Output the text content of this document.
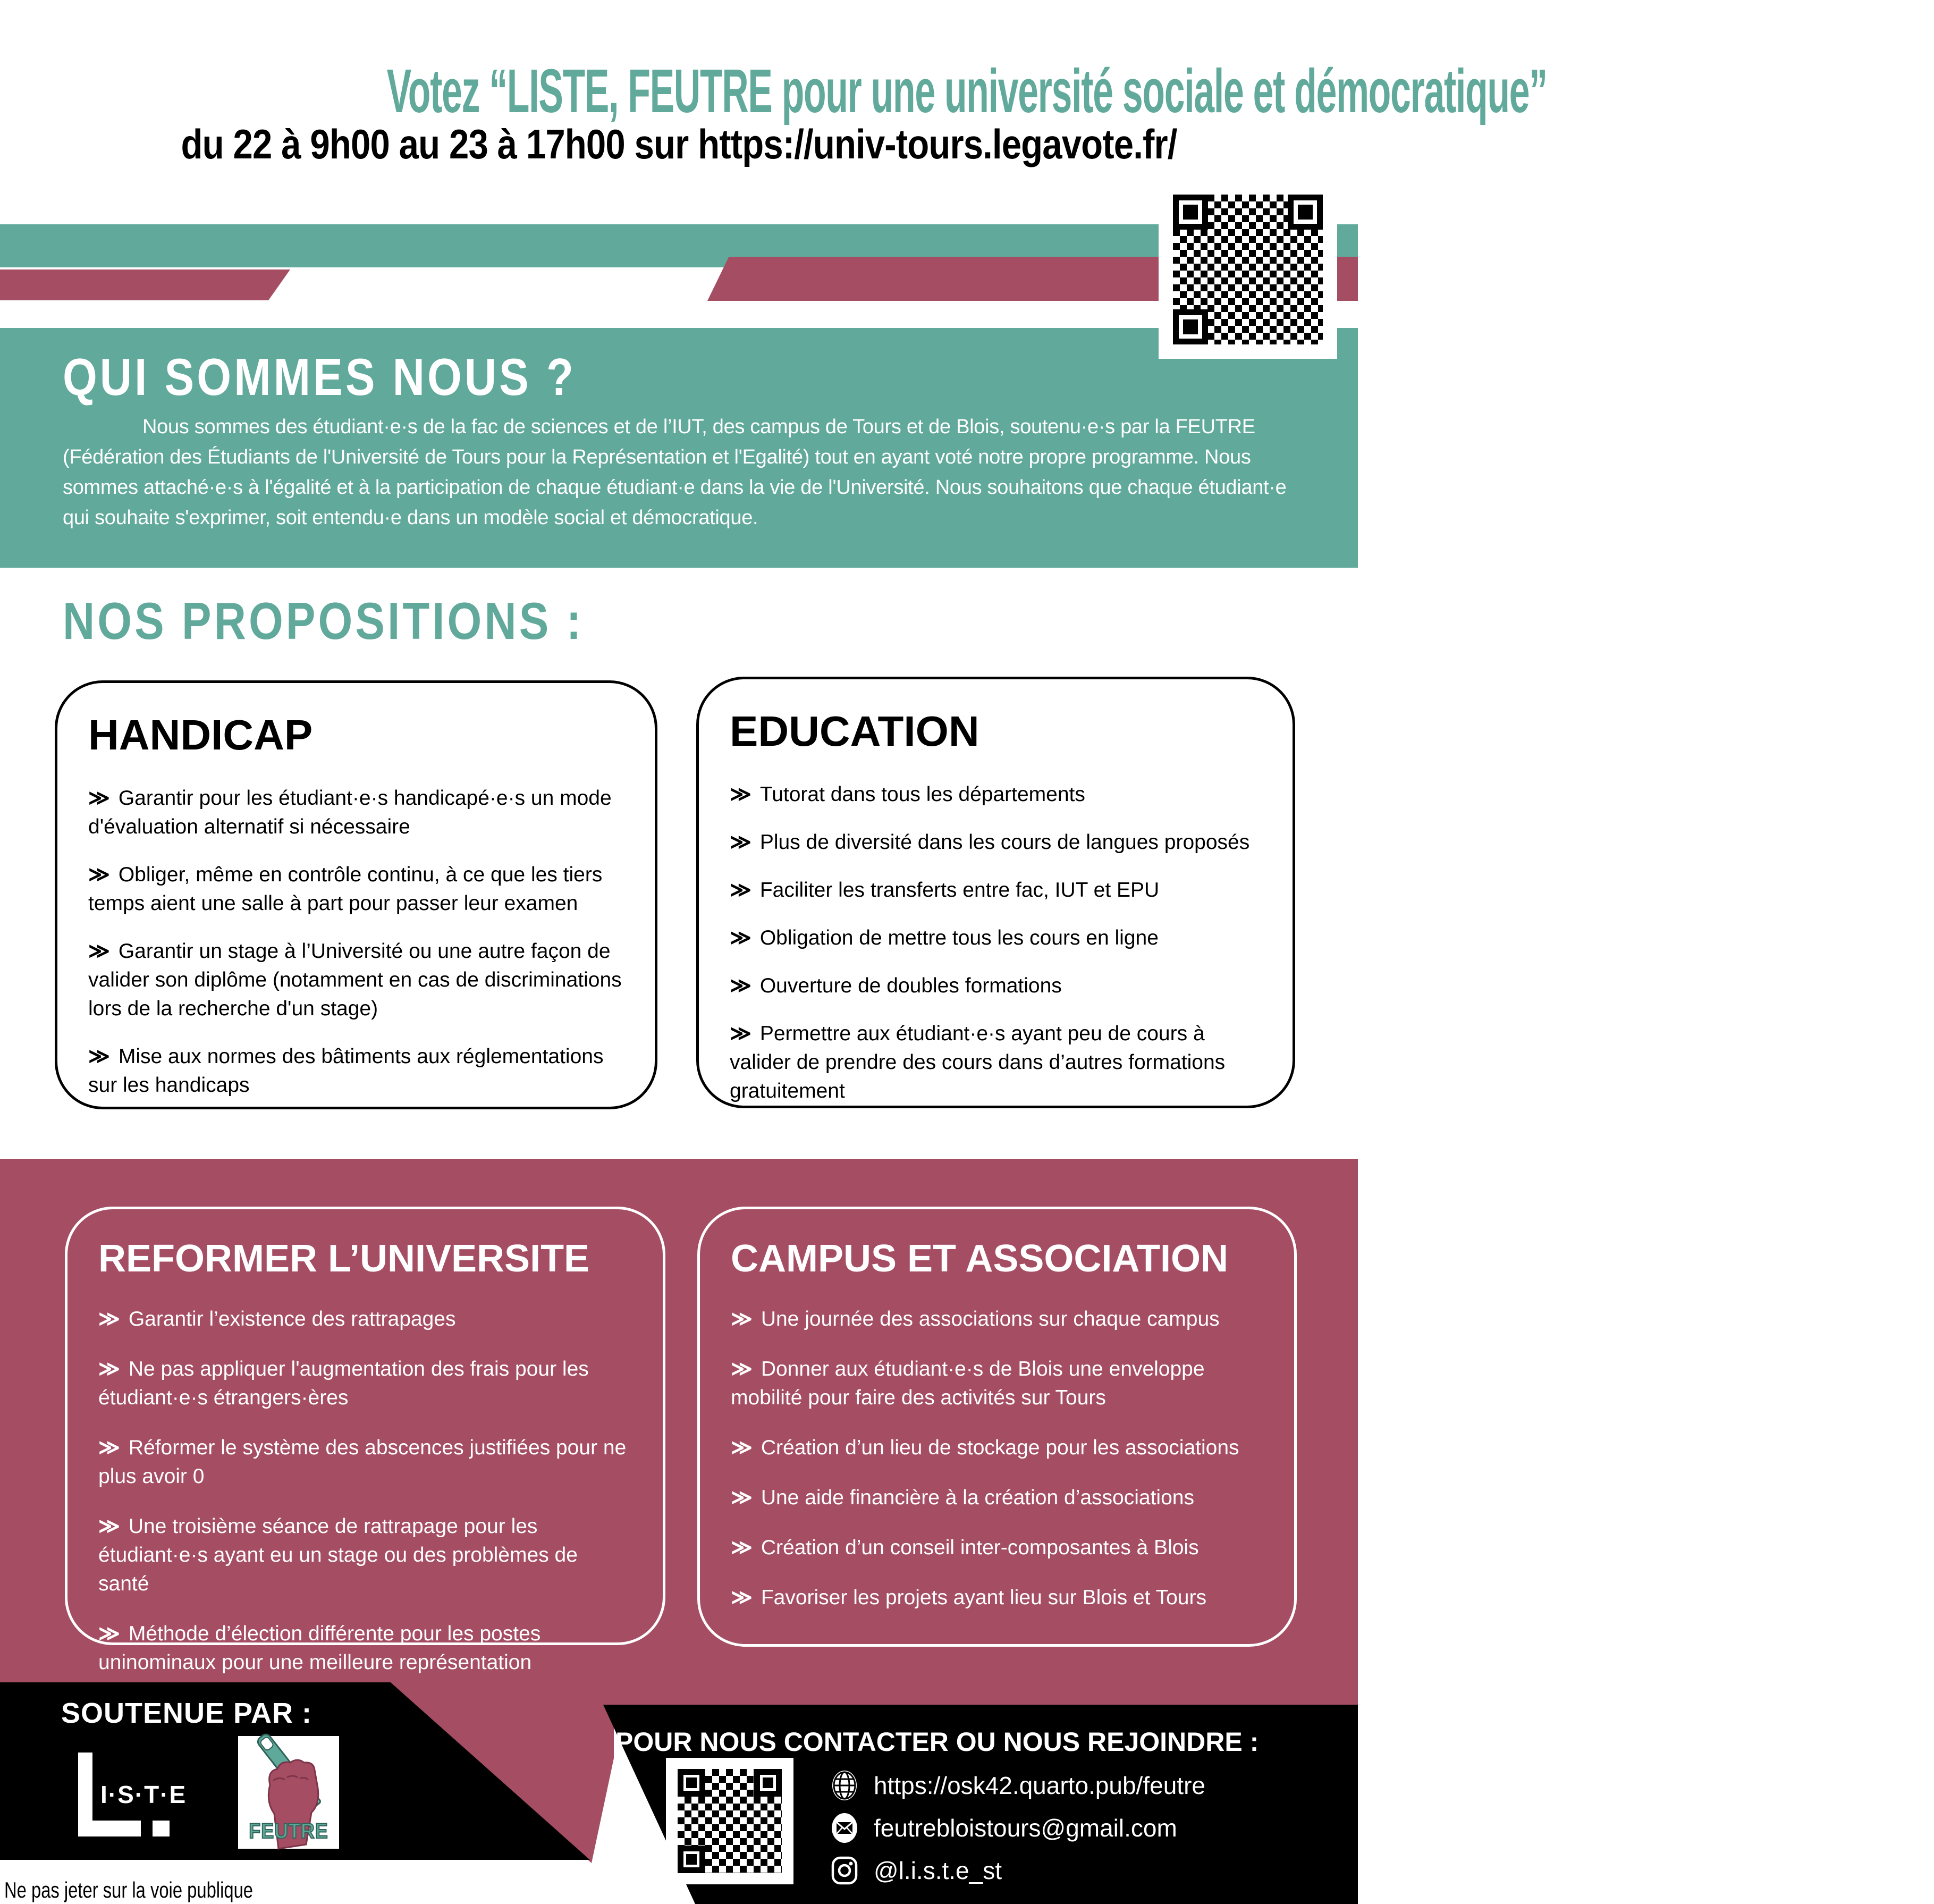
Votez “LISTE, FEUTRE pour une université sociale et démocratique”
du 22 à 9h00 au 23 à 17h00 sur https://univ-tours.legavote.fr/
QUI SOMMES NOUS ?
Nous sommes des étudiant·e·s de la fac de sciences et de l’IUT, des campus de Tours et de Blois, soutenu·e·s par la FEUTRE (Fédération des Étudiants de l'Université de Tours pour la Représentation et l'Egalité) tout en ayant voté notre propre programme. Nous sommes attaché·e·s à l'égalité et à la participation de chaque étudiant·e dans la vie de l'Université. Nous souhaitons que chaque étudiant·e qui souhaite s'exprimer, soit entendu·e dans un modèle social et démocratique.
NOS PROPOSITIONS :
HANDICAP
≫ Garantir pour les étudiant·e·s handicapé·e·s un mode d'évaluation alternatif si nécessaire
≫ Obliger, même en contrôle continu, à ce que les tiers temps aient une salle à part pour passer leur examen
≫ Garantir un stage à l’Université ou une autre façon de valider son diplôme (notamment en cas de discriminations lors de la recherche d'un stage)
≫ Mise aux normes des bâtiments aux réglementations sur les handicaps
EDUCATION
≫ Tutorat dans tous les départements
≫ Plus de diversité dans les cours de langues proposés
≫ Faciliter les transferts entre fac, IUT et EPU
≫ Obligation de mettre tous les cours en ligne
≫ Ouverture de doubles formations
≫ Permettre aux étudiant·e·s ayant peu de cours à valider de prendre des cours dans d’autres formations gratuitement
REFORMER L’UNIVERSITE
≫ Garantir l’existence des rattrapages
≫ Ne pas appliquer l'augmentation des frais pour les étudiant·e·s étrangers·ères
≫ Réformer le système des abscences justifiées pour ne plus avoir 0
≫ Une troisième séance de rattrapage pour les étudiant·e·s ayant eu un stage ou des problèmes de santé
≫ Méthode d’élection différente pour les postes uninominaux pour une meilleure représentation
CAMPUS ET ASSOCIATION
≫ Une journée des associations sur chaque campus
≫ Donner aux étudiant·e·s de Blois une enveloppe mobilité pour faire des activités sur Tours
≫ Création d’un lieu de stockage pour les associations
≫ Une aide financière à la création d’associations
≫ Création d’un conseil inter-composantes à Blois
≫ Favoriser les projets ayant lieu sur Blois et Tours
SOUTENUE PAR :
I·S·T·E
FEUTRE
POUR NOUS CONTACTER OU NOUS REJOINDRE :
https://osk42.quarto.pub/feutre
feutrebloistours@gmail.com
@l.i.s.t.e_st
Ne pas jeter sur la voie publique
